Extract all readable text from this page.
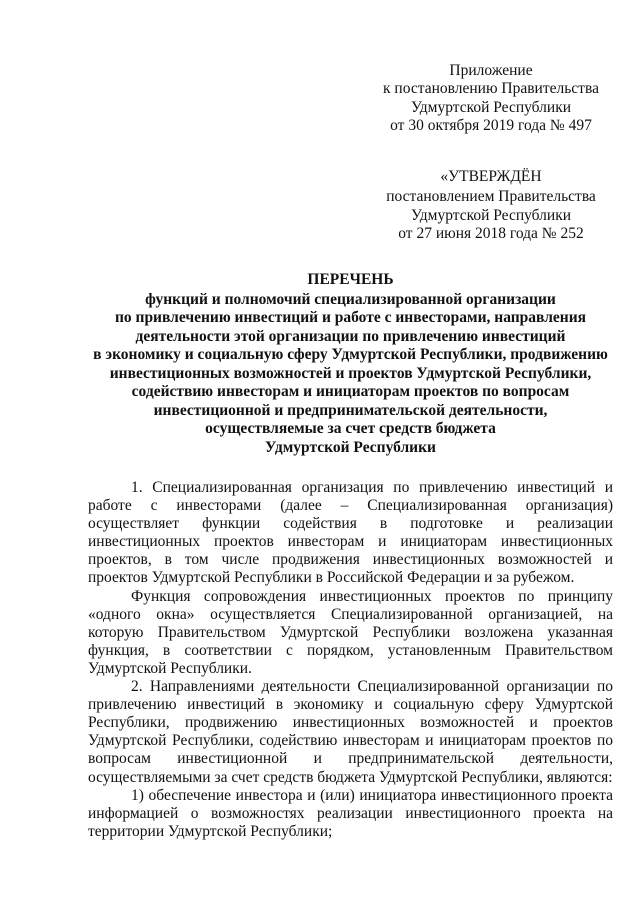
Приложение
к постановлению Правительства
Удмуртской Республики
от 30 октября 2019 года № 497
«УТВЕРЖДЁН
постановлением Правительства
Удмуртской Республики
от 27 июня 2018 года № 252
ПЕРЕЧЕНЬ
функций и полномочий специализированной организации
по привлечению инвестиций и работе с инвесторами, направления
деятельности этой организации по привлечению инвестиций
в экономику и социальную сферу Удмуртской Республики, продвижению
инвестиционных возможностей и проектов Удмуртской Республики,
содействию инвесторам и инициаторам проектов по вопросам
инвестиционной и предпринимательской деятельности,
осуществляемые за счет средств бюджета
Удмуртской Республики

1. Специализированная организация по привлечению инвестиций и работе с инвесторами (далее – Специализированная организация) осуществляет функции содействия в подготовке и реализации инвестиционных проектов инвесторам и инициаторам инвестиционных проектов, в том числе продвижения инвестиционных возможностей и проектов Удмуртской Республики в Российской Федерации и за рубежом.

Функция сопровождения инвестиционных проектов по принципу «одного окна» осуществляется Специализированной организацией, на которую Правительством Удмуртской Республики возложена указанная функция, в соответствии с порядком, установленным Правительством Удмуртской Республики.

2. Направлениями деятельности Специализированной организации по привлечению инвестиций в экономику и социальную сферу Удмуртской Республики, продвижению инвестиционных возможностей и проектов Удмуртской Республики, содействию инвесторам и инициаторам проектов по вопросам инвестиционной и предпринимательской деятельности, осуществляемыми за счет средств бюджета Удмуртской Республики, являются:

1) обеспечение инвестора и (или) инициатора инвестиционного проекта информацией о возможностях реализации инвестиционного проекта на территории Удмуртской Республики;
